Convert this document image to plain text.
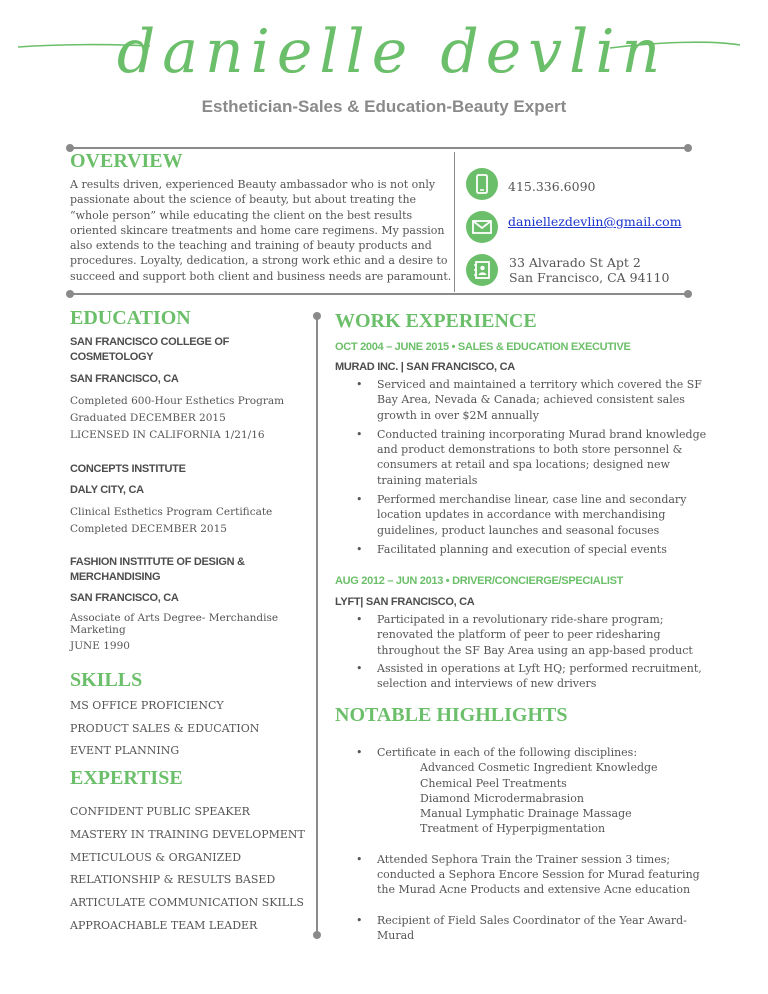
danielle devlin
Esthetician-Sales & Education-Beauty Expert
OVERVIEW
A results driven, experienced Beauty ambassador who is not only
passionate about the science of beauty, but about treating the
“whole person” while educating the client on the best results
oriented skincare treatments and home care regimens. My passion
also extends to the teaching and training of beauty products and
procedures. Loyalty, dedication, a strong work ethic and a desire to
succeed and support both client and business needs are paramount.
415.336.6090
daniellezdevlin@gmail.com
33 Alvarado St Apt 2
San Francisco, CA 94110
EDUCATION
SAN FRANCISCO COLLEGE OF
COSMETOLOGY
SAN FRANCISCO, CA
Completed 600-Hour Esthetics Program
Graduated DECEMBER 2015
LICENSED IN CALIFORNIA 1/21/16
CONCEPTS INSTITUTE
DALY CITY, CA
Clinical Esthetics Program Certificate
Completed DECEMBER 2015
FASHION INSTITUTE OF DESIGN &
MERCHANDISING
SAN FRANCISCO, CA
Associate of Arts Degree- Merchandise
Marketing
JUNE 1990
SKILLS
MS OFFICE PROFICIENCY
PRODUCT SALES & EDUCATION
EVENT PLANNING
EXPERTISE
CONFIDENT PUBLIC SPEAKER
MASTERY IN TRAINING DEVELOPMENT
METICULOUS & ORGANIZED
RELATIONSHIP & RESULTS BASED
ARTICULATE COMMUNICATION SKILLS
APPROACHABLE TEAM LEADER
WORK EXPERIENCE
OCT 2004 – JUNE 2015 • SALES & EDUCATION EXECUTIVE
MURAD INC. | SAN FRANCISCO, CA
• Serviced and maintained a territory which covered the SF
Bay Area, Nevada & Canada; achieved consistent sales
growth in over $2M annually
• Conducted training incorporating Murad brand knowledge
and product demonstrations to both store personnel &
consumers at retail and spa locations; designed new
training materials
• Performed merchandise linear, case line and secondary
location updates in accordance with merchandising
guidelines, product launches and seasonal focuses
• Facilitated planning and execution of special events
AUG 2012 – JUN 2013 • DRIVER/CONCIERGE/SPECIALIST
LYFT| SAN FRANCISCO, CA
• Participated in a revolutionary ride-share program;
renovated the platform of peer to peer ridesharing
throughout the SF Bay Area using an app-based product
• Assisted in operations at Lyft HQ; performed recruitment,
selection and interviews of new drivers
NOTABLE HIGHLIGHTS
• Certificate in each of the following disciplines:
Advanced Cosmetic Ingredient Knowledge
Chemical Peel Treatments
Diamond Microdermabrasion
Manual Lymphatic Drainage Massage
Treatment of Hyperpigmentation
• Attended Sephora Train the Trainer session 3 times;
conducted a Sephora Encore Session for Murad featuring
the Murad Acne Products and extensive Acne education
• Recipient of Field Sales Coordinator of the Year Award-
Murad
